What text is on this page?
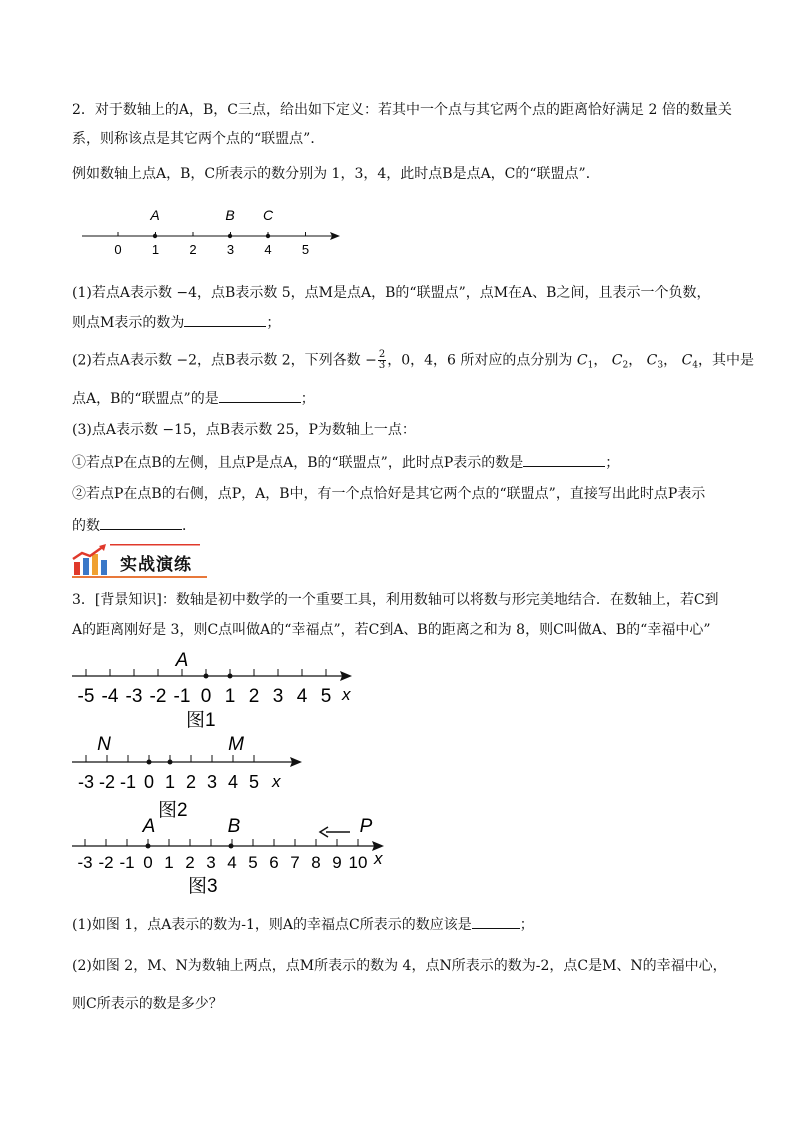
2．对于数轴上的A，B，C三点，给出如下定义：若其中一个点与其它两个点的距离恰好满足 2 倍的数量关
系，则称该点是其它两个点的“联盟点”．
例如数轴上点A，B，C所表示的数分别为 1，3，4，此时点B是点A，C的“联盟点”．
0 1 2 3 4 5
A	B C
(1)若点A表示数 −4，点B表示数 5，点M是点A，B的“联盟点”，点M在A、B之间，且表示一个负数，
则点M表示的数为	；
(2)若点A表示数 −2，点B表示数 2，下列各数 − $\frac{2}{3}$ ，0，4，6 所对应的点分别为 $C_1$， $C_2$， $C_3$， $C_4$，其中是
点A，B的“联盟点”的是	；
(3)点A表示数 −15，点B表示数 25，P为数轴上一点：
①若点P在点B的左侧，且点P是点A，B的“联盟点”，此时点P表示的数是	；
②若点P在点B的右侧，点P，A，B中，有一个点恰好是其它两个点的“联盟点”，直接写出此时点P表示
的数	．
实战演练
3．[背景知识]：数轴是初中数学的一个重要工具，利用数轴可以将数与形完美地结合．在数轴上，若C到
A的距离刚好是 3，则C点叫做A的“幸福点”，若C到A、B的距离之和为 8，则C叫做A、B的“幸福中心”
-5 -4 -3 -2 -1 0 1 2 3 4 5 x
A
图1
-3 -2 -1 0 1 2 3 4 5 x
N	M
图2
-3 -2 -1 0 1 2 3 4 5 6 7 8 9 10 x
A	B	P
图3
(1)如图 1，点A表示的数为-1，则A的幸福点C所表示的数应该是	；
(2)如图 2，M、N为数轴上两点，点M所表示的数为 4，点N所表示的数为-2，点C是M、N的幸福中心，
则C所表示的数是多少？
